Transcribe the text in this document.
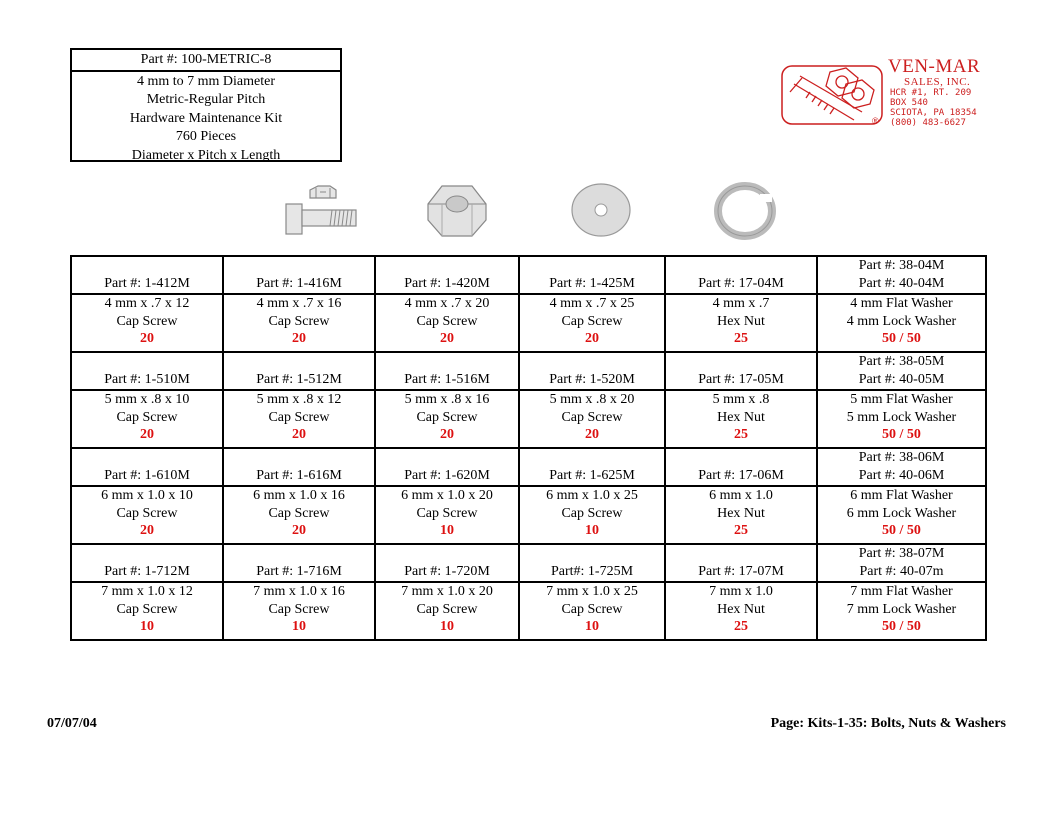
Part #: 100-METRIC-8
4 mm to 7 mm Diameter
Metric-Regular Pitch
Hardware Maintenance Kit
760 Pieces
Diameter x Pitch x Length
®
VEN-MAR
SALES, INC.
HCR #1, RT. 209
BOX 540
SCIOTA, PA 18354
(800) 483-6627
Part #: 1-412M	Part #: 1-416M	Part #: 1-420M	Part #: 1-425M	Part #: 17-04M	Part #: 38-04M
Part #: 40-04M

4 mm x .7 x 12
Cap Screw
20	4 mm x .7 x 16
Cap Screw
20	4 mm x .7 x 20
Cap Screw
20	4 mm x .7 x 25
Cap Screw
20	4 mm x .7
Hex Nut
25	4 mm Flat Washer
4 mm Lock Washer
50 / 50

Part #: 1-510M	Part #: 1-512M	Part #: 1-516M	Part #: 1-520M	Part #: 17-05M	Part #: 38-05M
Part #: 40-05M

5 mm x .8 x 10
Cap Screw
20	5 mm x .8 x 12
Cap Screw
20	5 mm x .8 x 16
Cap Screw
20	5 mm x .8 x 20
Cap Screw
20	5 mm x .8
Hex Nut
25	5 mm Flat Washer
5 mm Lock Washer
50 / 50

Part #: 1-610M	Part #: 1-616M	Part #: 1-620M	Part #: 1-625M	Part #: 17-06M	Part #: 38-06M
Part #: 40-06M

6 mm x 1.0 x 10
Cap Screw
20	6 mm x 1.0 x 16
Cap Screw
20	6 mm x 1.0 x 20
Cap Screw
10	6 mm x 1.0 x 25
Cap Screw
10	6 mm x 1.0
Hex Nut
25	6 mm Flat Washer
6 mm Lock Washer
50 / 50

Part #: 1-712M	Part #: 1-716M	Part #: 1-720M	Part#: 1-725M	Part #: 17-07M	Part #: 38-07M
Part #: 40-07m

7 mm x 1.0 x 12
Cap Screw
10	7 mm x 1.0 x 16
Cap Screw
10	7 mm x 1.0 x 20
Cap Screw
10	7 mm x 1.0 x 25
Cap Screw
10	7 mm x 1.0
Hex Nut
25	7 mm Flat Washer
7 mm Lock Washer
50 / 50
07/07/04	Page: Kits-1-35: Bolts, Nuts & Washers
